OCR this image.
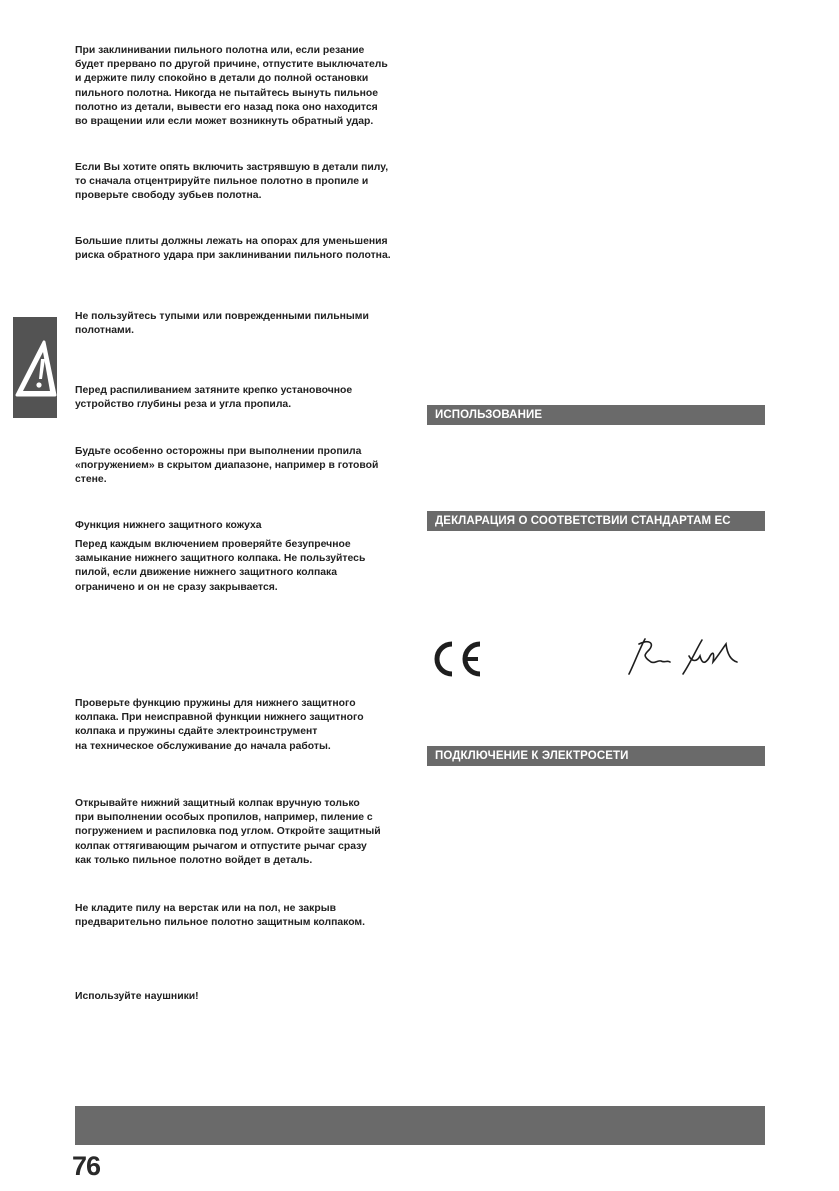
При заклинивании пильного полотна или, если резание
будет прервано по другой причине, отпустите выключатель
и держите пилу спокойно в детали до полной остановки
пильного полотна. Никогда не пытайтесь вынуть пильное
полотно из детали, вывести его назад пока оно находится
во вращении или если может возникнуть обратный удар.
Если Вы хотите опять включить застрявшую в детали пилу,
то сначала отцентрируйте пильное полотно в пропиле и
проверьте свободу зубьев полотна.
Большие плиты должны лежать на опорах для уменьшения
риска обратного удара при заклинивании пильного полотна.
Не пользуйтесь тупыми или поврежденными пильными
полотнами.
Перед распиливанием затяните крепко установочное
устройство глубины реза и угла пропила.
Будьте особенно осторожны при выполнении пропила
«погружением» в скрытом диапазоне, например в готовой
стене.
Функция нижнего защитного кожуха
Перед каждым включением проверяйте безупречное
замыкание нижнего защитного колпака. Не пользуйтесь
пилой, если движение нижнего защитного колпака
ограничено и он не сразу закрывается.
Проверьте функцию пружины для нижнего защитного
колпака. При неисправной функции нижнего защитного
колпака и пружины сдайте электроинструмент
на техническое обслуживание до начала работы.
Открывайте нижний защитный колпак вручную только
при выполнении особых пропилов, например, пиление с
погружением и распиловка под углом. Откройте защитный
колпак оттягивающим рычагом и отпустите рычаг сразу
как только пильное полотно войдет в деталь.
Не кладите пилу на верстак или на пол, не закрыв
предварительно пильное полотно защитным колпаком.
Используйте наушники!
ИСПОЛЬЗОВАНИЕ
ДЕКЛАРАЦИЯ О СООТВЕТСТВИИ СТАНДАРТАМ ЕС
ПОДКЛЮЧЕНИЕ К ЭЛЕКТРОСЕТИ
76
